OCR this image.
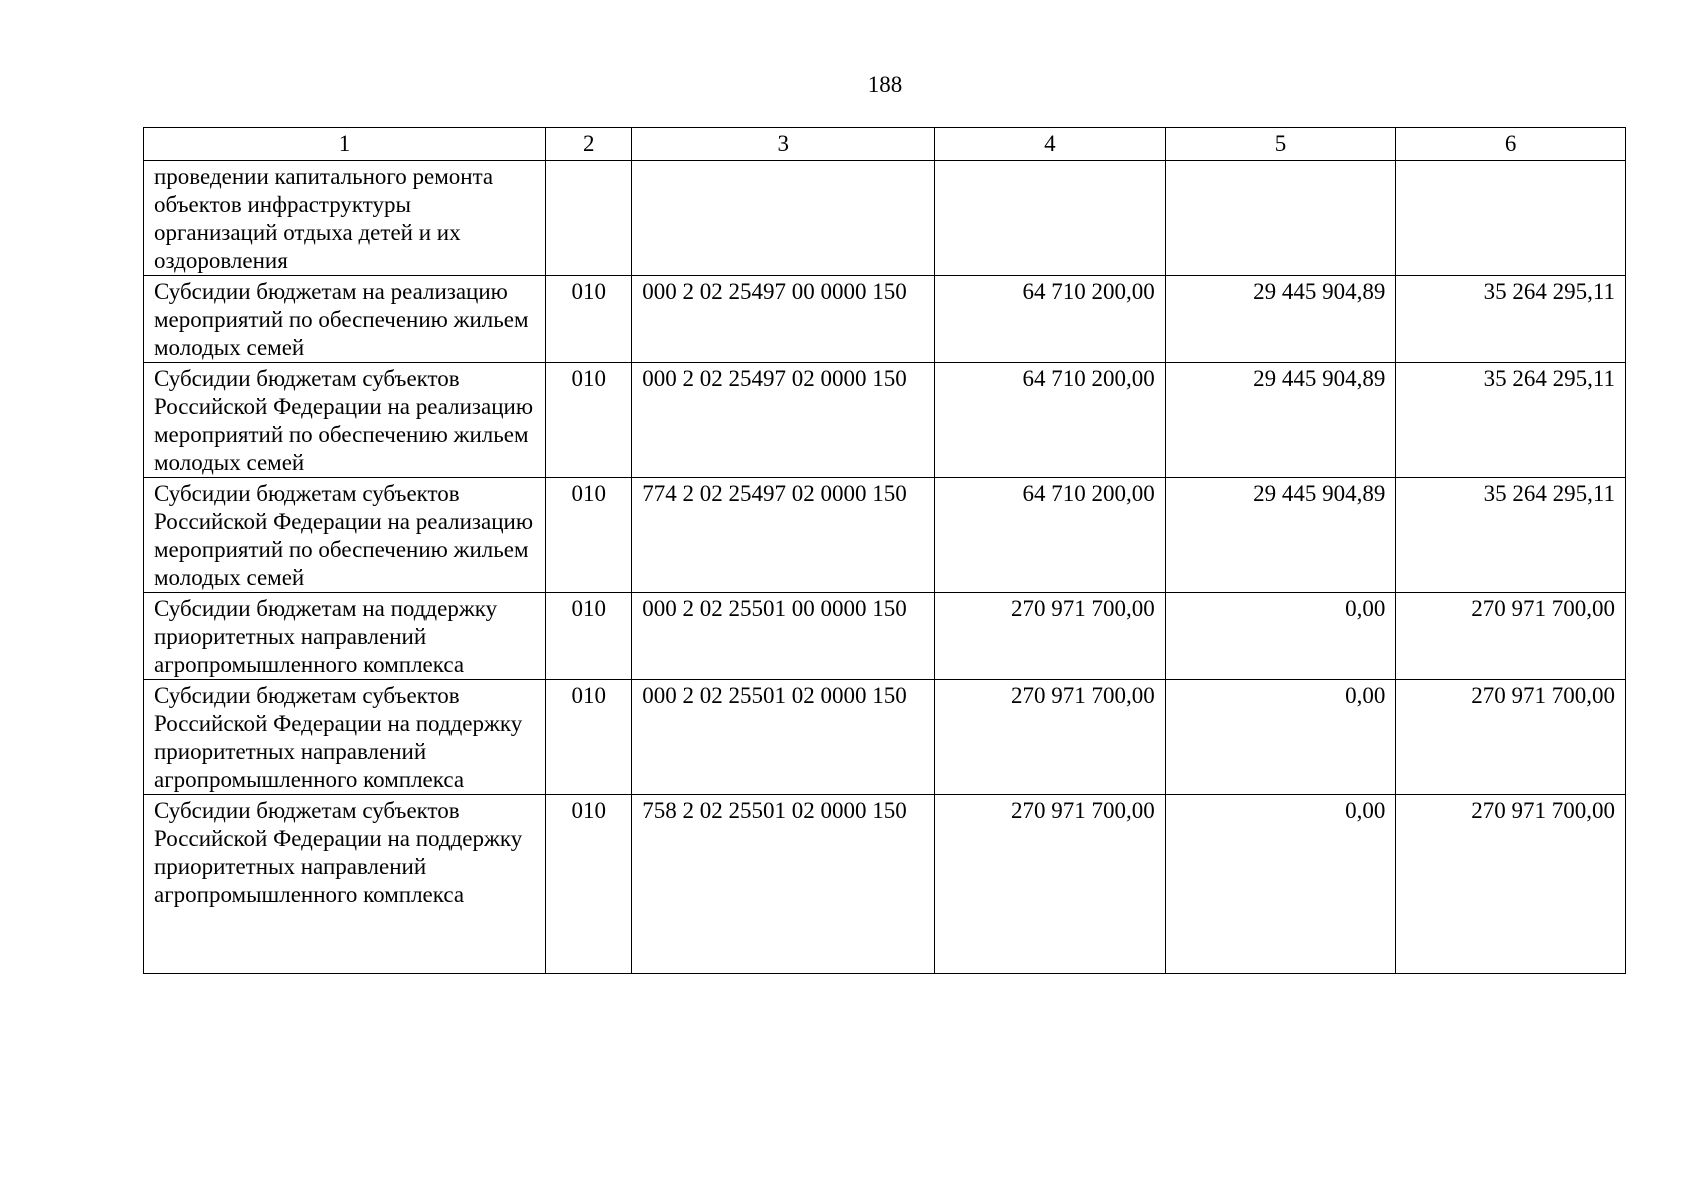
188
1	2	3	4	5	6
проведении капитального ремонта объектов инфраструктуры организаций отдыха детей и их оздоровления					
Субсидии бюджетам на реализацию мероприятий по обеспечению жильем молодых семей	010	000 2 02 25497 00 0000 150	64 710 200,00	29 445 904,89	35 264 295,11
Субсидии бюджетам субъектов Российской Федерации на реализацию мероприятий по обеспечению жильем молодых семей	010	000 2 02 25497 02 0000 150	64 710 200,00	29 445 904,89	35 264 295,11
Субсидии бюджетам субъектов Российской Федерации на реализацию мероприятий по обеспечению жильем молодых семей	010	774 2 02 25497 02 0000 150	64 710 200,00	29 445 904,89	35 264 295,11
Субсидии бюджетам на поддержку приоритетных направлений агропромышленного комплекса	010	000 2 02 25501 00 0000 150	270 971 700,00	0,00	270 971 700,00
Субсидии бюджетам субъектов Российской Федерации на поддержку приоритетных направлений агропромышленного комплекса	010	000 2 02 25501 02 0000 150	270 971 700,00	0,00	270 971 700,00
Субсидии бюджетам субъектов Российской Федерации на поддержку приоритетных направлений агропромышленного комплекса	010	758 2 02 25501 02 0000 150	270 971 700,00	0,00	270 971 700,00
